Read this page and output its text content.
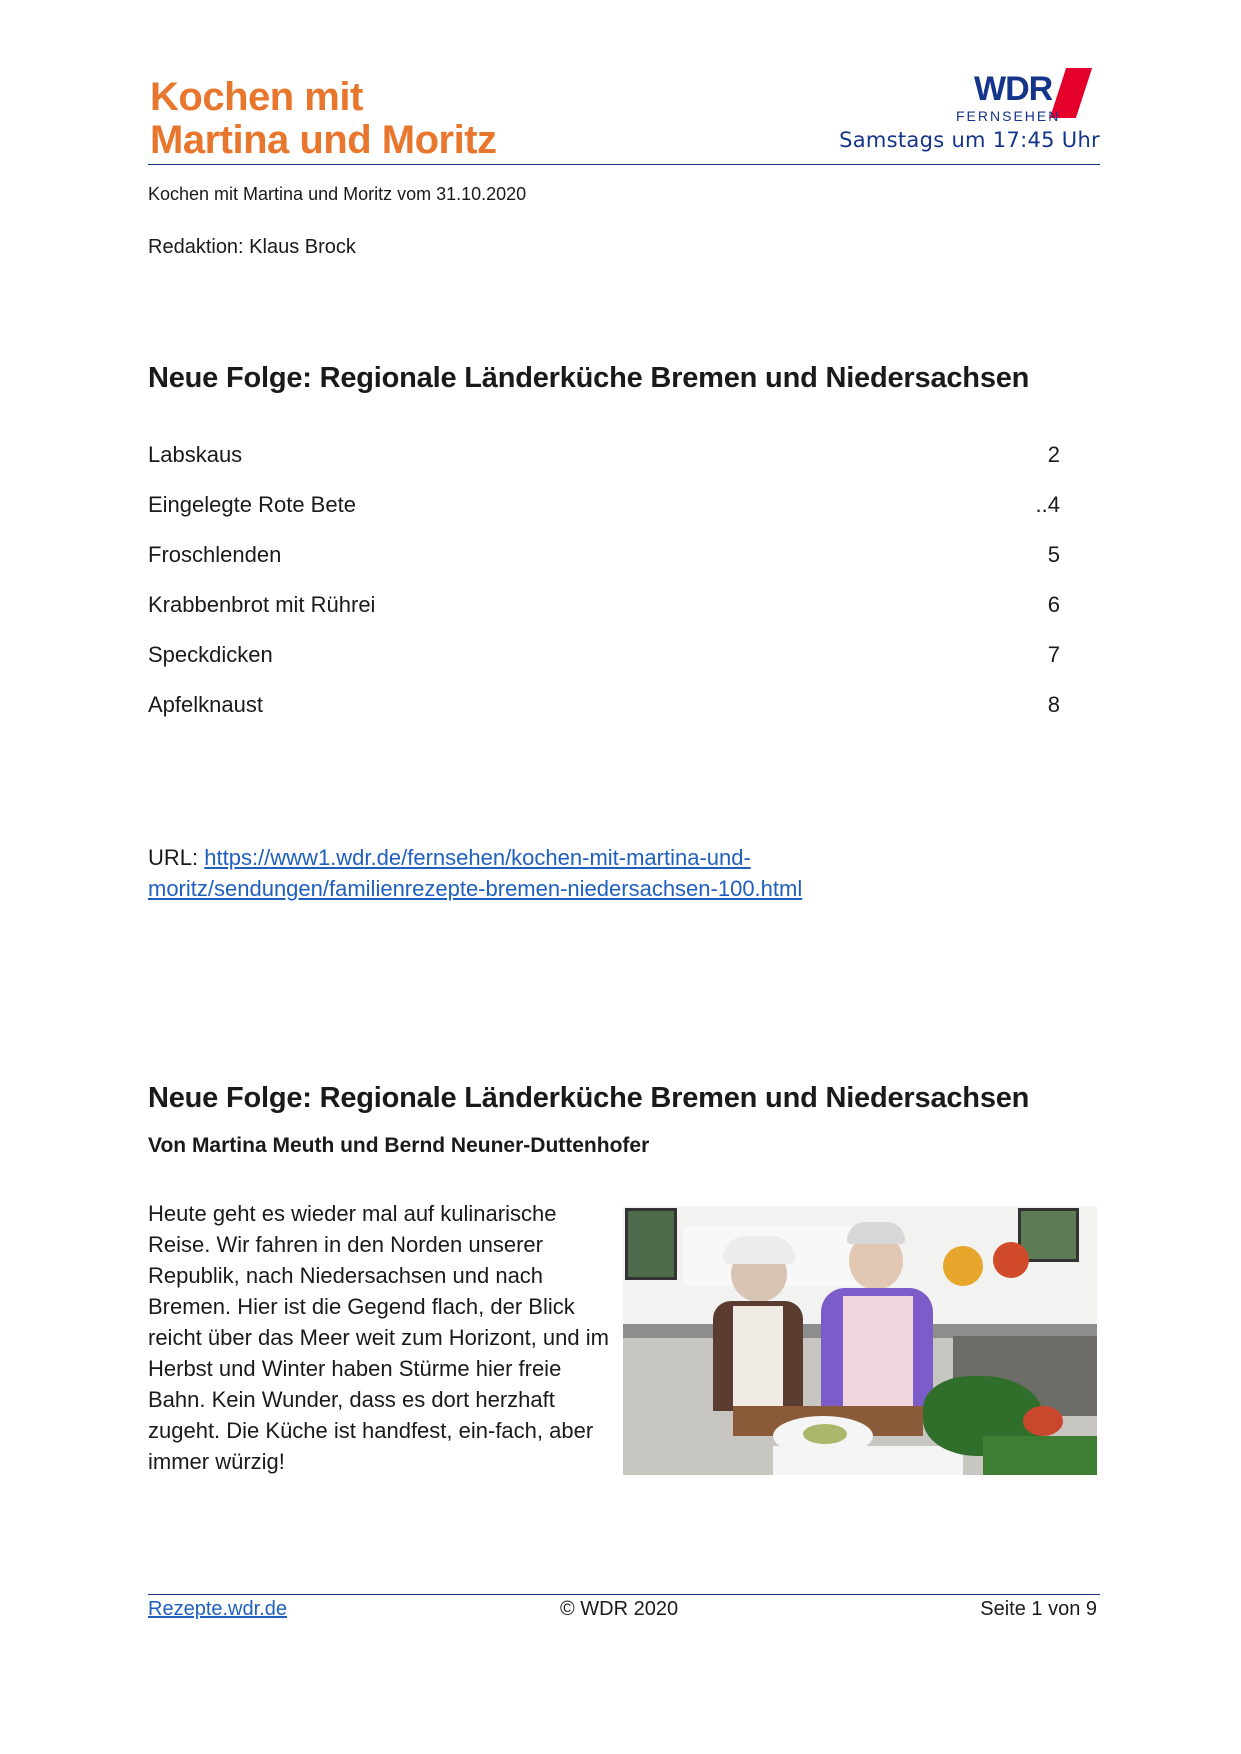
Kochen mit
Martina und Moritz
WDR
FERNSEHEN
Samstags um 17:45 Uhr
Kochen mit Martina und Moritz vom 31.10.2020
Redaktion: Klaus Brock
Neue Folge: Regionale Länderküche Bremen und Niedersachsen
Labskaus	2
Eingelegte Rote Bete	..4
Froschlenden	5
Krabbenbrot mit Rührei	6
Speckdicken	7
Apfelknaust	8
URL: https://www1.wdr.de/fernsehen/kochen-mit-martina-und-
moritz/sendungen/familienrezepte-bremen-niedersachsen-100.html
Neue Folge: Regionale Länderküche Bremen und Niedersachsen
Von Martina Meuth und Bernd Neuner-Duttenhofer

Heute geht es wieder mal auf kulinarische Reise. Wir fahren in den Norden unserer Republik, nach Niedersachsen und nach Bremen. Hier ist die Gegend flach, der Blick reicht über das Meer weit zum Horizont, und im Herbst und Winter haben Stürme hier freie Bahn. Kein Wunder, dass es dort herzhaft zugeht. Die Küche ist handfest, ein-fach, aber immer würzig!

Rezepte.wdr.de	© WDR 2020	Seite 1 von 9
